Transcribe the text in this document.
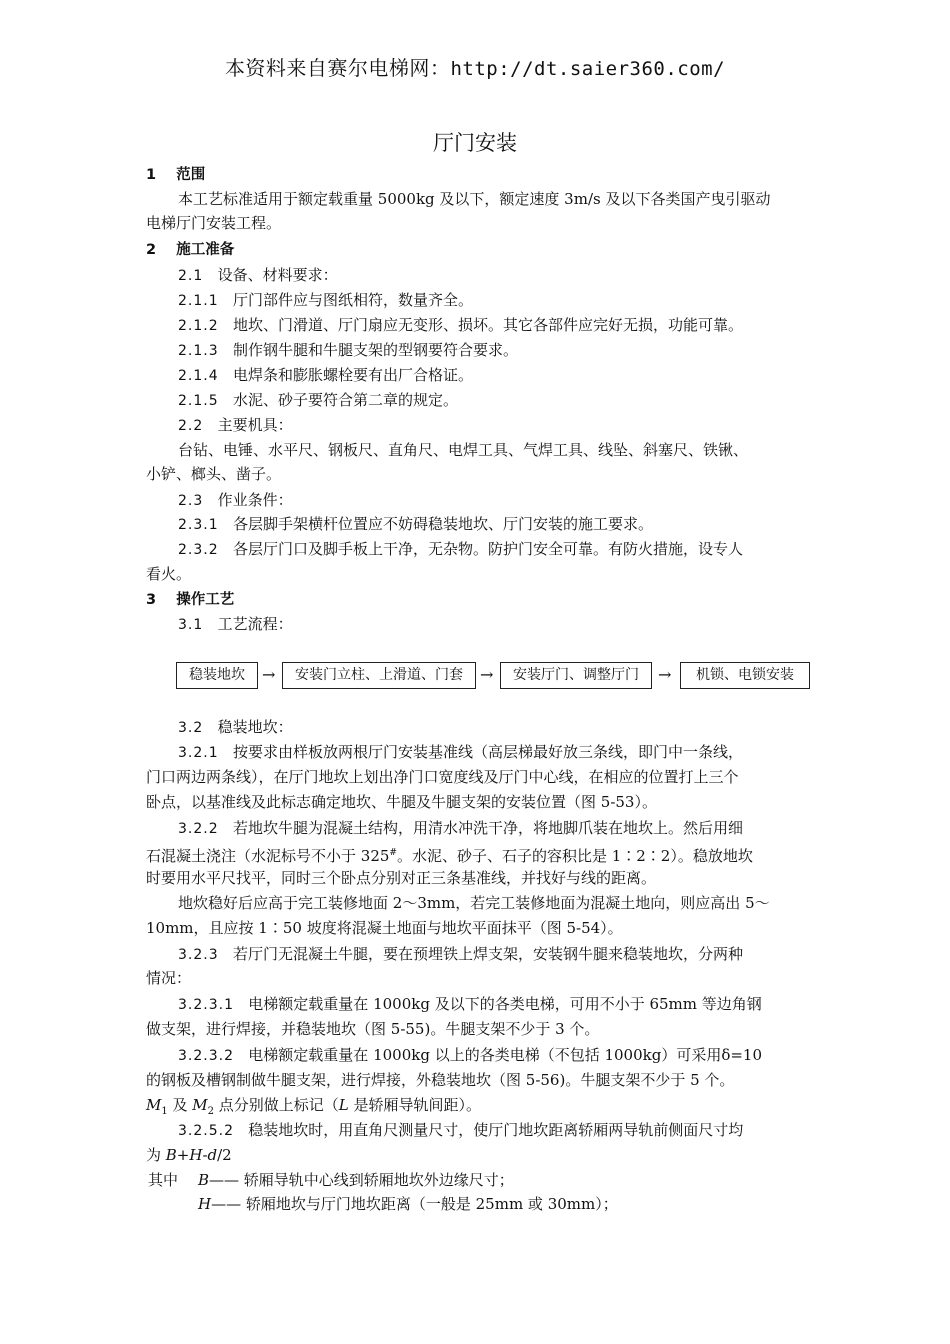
本资料来自赛尔电梯网：http://dt.saier360.com/
厅门安装
1 范围
本工艺标准适用于额定载重量 5000kg 及以下，额定速度 3m/s 及以下各类国产曳引驱动
电梯厅门安装工程。
2 施工准备
2.1 设备、材料要求：
2.1.1 厅门部件应与图纸相符，数量齐全。
2.1.2 地坎、门滑道、厅门扇应无变形、损坏。其它各部件应完好无损，功能可靠。
2.1.3 制作钢牛腿和牛腿支架的型钢要符合要求。
2.1.4 电焊条和膨胀螺栓要有出厂合格证。
2.1.5 水泥、砂子要符合第二章的规定。
2.2 主要机具：
台钻、电锤、水平尺、钢板尺、直角尺、电焊工具、气焊工具、线坠、斜塞尺、铁锹、
小铲、榔头、凿子。
2.3 作业条件：
2.3.1 各层脚手架横杆位置应不妨碍稳装地坎、厅门安装的施工要求。
2.3.2 各层厅门口及脚手板上干净，无杂物。防护门安全可靠。有防火措施，设专人
看火。
3 操作工艺
3.1 工艺流程：
稳装地坎	→	安装门立柱、上滑道、门套	→	安装厅门、调整厅门	→	机锁、电锁安装
3.2 稳装地坎：
3.2.1 按要求由样板放两根厅门安装基准线（高层梯最好放三条线，即门中一条线，
门口两边两条线），在厅门地坎上划出净门口宽度线及厅门中心线，在相应的位置打上三个
卧点，以基准线及此标志确定地坎、牛腿及牛腿支架的安装位置（图 5-53）。
3.2.2 若地坎牛腿为混凝土结构，用清水冲洗干净，将地脚爪装在地坎上。然后用细
石混凝土浇注（水泥标号不小于 325#。水泥、砂子、石子的容积比是 1∶2∶2）。稳放地坎
时要用水平尺找平，同时三个卧点分别对正三条基准线，并找好与线的距离。
地炊稳好后应高于完工装修地面 2～3mm，若完工装修地面为混凝土地向，则应高出 5～
10mm，且应按 1∶50 坡度将混凝土地面与地坎平面抹平（图 5-54）。
3.2.3 若厅门无混凝土牛腿，要在预埋铁上焊支架，安装钢牛腿来稳装地坎，分两种
情况：
3.2.3.1 电梯额定载重量在 1000kg 及以下的各类电梯，可用不小于 65mm 等边角钢
做支架，进行焊接，并稳装地坎（图 5-55)。牛腿支架不少于 3 个。
3.2.3.2 电梯额定载重量在 1000kg 以上的各类电梯（不包括 1000kg）可采用δ=10
的钢板及槽钢制做牛腿支架，进行焊接，外稳装地坎（图 5-56)。牛腿支架不少于 5 个。
$M_1$ 及 $M_2$ 点分别做上标记（L 是轿厢导轨间距）。
3.2.5.2 稳装地坎时，用直角尺测量尺寸，使厅门地坎距离轿厢两导轨前侧面尺寸均
为 B+H-d/2
其中 B—— 轿厢导轨中心线到轿厢地坎外边缘尺寸；
H—— 轿厢地坎与厅门地坎距离（一般是 25mm 或 30mm）；
